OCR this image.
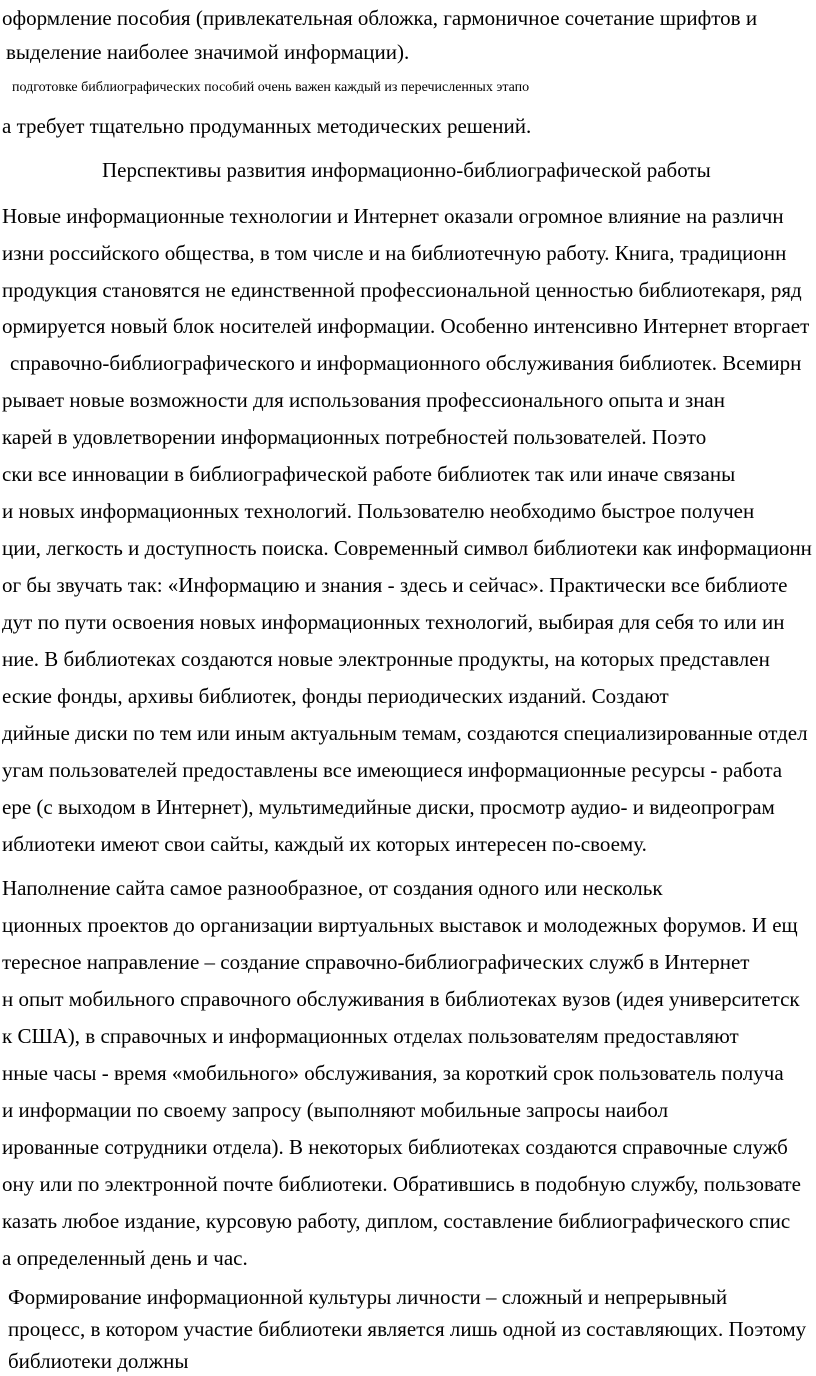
оформление пособия (привлекательная обложка, гармоничное сочетание шрифтов и
выделение наиболее значимой информации).
подготовке библиографических пособий очень важен каждый из перечисленных этапо
а требует тщательно продуманных методических решений.
Перспективы развития информационно-библиографической работы
Новые информационные технологии и Интернет оказали огромное влияние на различн
изни российского общества, в том числе и на библиотечную работу. Книга, традиционн
продукция становятся не единственной профессиональной ценностью библиотекаря, ряд
ормируется новый блок носителей информации. Особенно интенсивно Интернет вторгает
справочно-библиографического и информационного обслуживания библиотек. Всемирн
рывает новые возможности для использования профессионального опыта и знан
карей в удовлетворении информационных потребностей пользователей. Поэто
ски все инновации в библиографической работе библиотек так или иначе связаны
и новых информационных технологий. Пользователю необходимо быстрое получен
ции, легкость и доступность поиска. Современный символ библиотеки как информационн
ог бы звучать так: «Информацию и знания - здесь и сейчас». Практически все библиоте
дут по пути освоения новых информационных технологий, выбирая для себя то или ин
ние. В библиотеках создаются новые электронные продукты, на которых представлен
еские фонды, архивы библиотек, фонды периодических изданий. Создают
дийные диски по тем или иным актуальным темам, создаются специализированные отдел
угам пользователей предоставлены все имеющиеся информационные ресурсы - работа
ере (с выходом в Интернет), мультимедийные диски, просмотр аудио- и видеопрограм
иблиотеки имеют свои сайты, каждый их которых интересен по-своему.
Наполнение сайта самое разнообразное, от создания одного или нескольк
ционных проектов до организации виртуальных выставок и молодежных форумов. И ещ
тересное направление – создание справочно-библиографических служб в Интернет
н опыт мобильного справочного обслуживания в библиотеках вузов (идея университетск
к США), в справочных и информационных отделах пользователям предоставляют
нные часы - время «мобильного» обслуживания, за короткий срок пользователь получа
и информации по своему запросу (выполняют мобильные запросы наибол
ированные сотрудники отдела). В некоторых библиотеках создаются справочные служб
ону или по электронной почте библиотеки. Обратившись в подобную службу, пользовате
казать любое издание, курсовую работу, диплом, составление библиографического спис
а определенный день и час.
Формирование информационной культуры личности – сложный и непрерывный
процесс, в котором участие библиотеки является лишь одной из составляющих. Поэтому
библиотеки должны
